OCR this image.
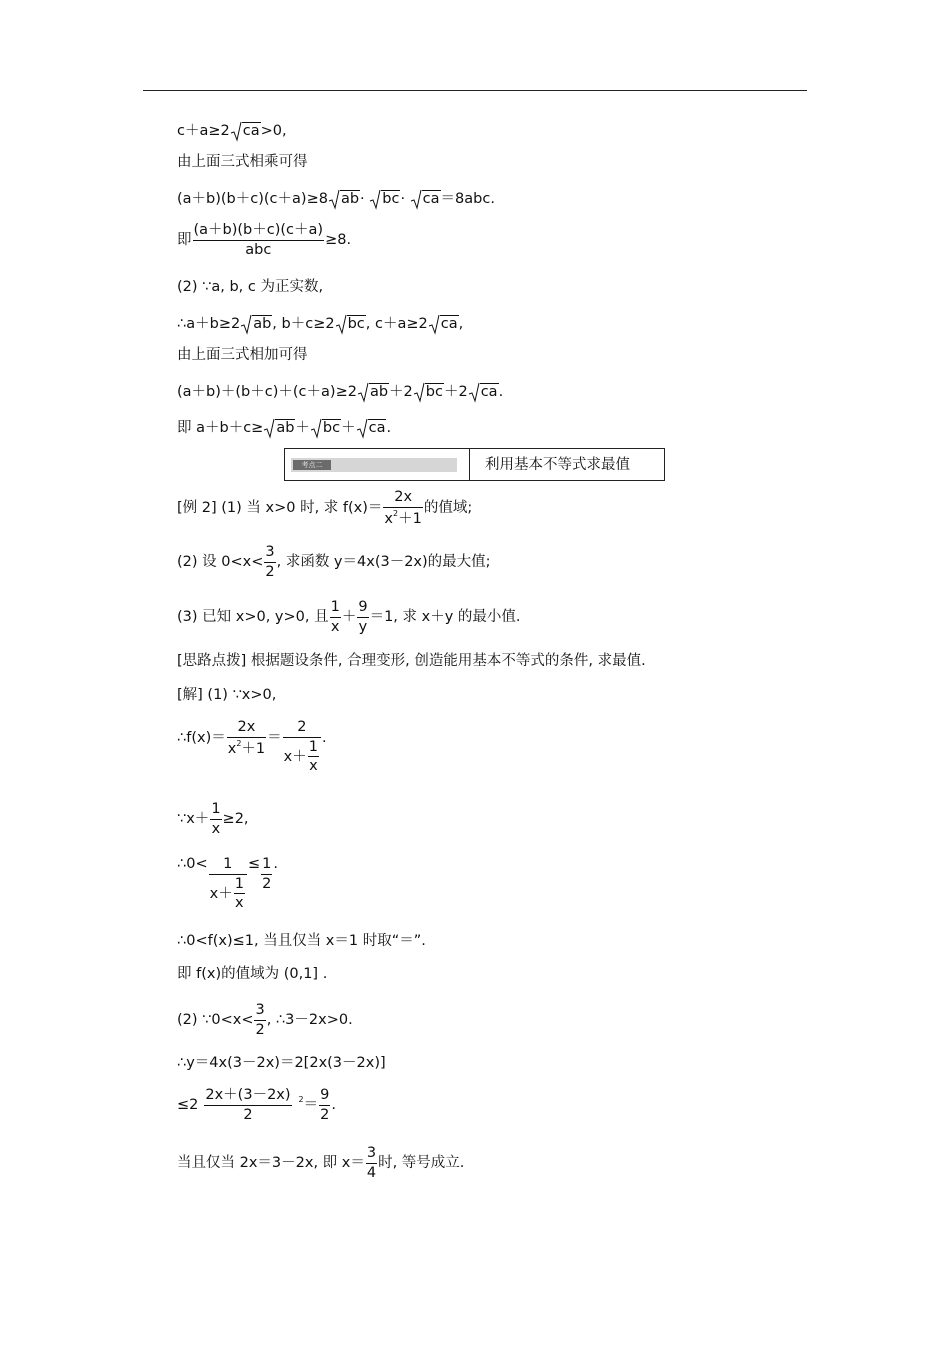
c＋a≥2 ca>0,
由上面三式相乘可得
(a＋b)(b＋c)(c＋a)≥8 ab·
bc·
ca＝8abc.
即
(a＋b)(b＋c)(c＋a)
abc
≥8.
(2) ∵a, b, c 为正实数,
∴a＋b≥2 ab, b＋c≥2 bc, c＋a≥2 ca,
由上面三式相加可得
(a＋b)＋(b＋c)＋(c＋a)≥2 ab＋2 bc＋2 ca.
即 a＋b＋c≥ ab＋ bc＋ ca.
考点二	利用基本不等式求最值
[例 2] (1) 当 x>0 时, 求 $f(x)= \frac{2x}{x^2+1}$ 的值域;
(2) 设 $0<x< \frac{3}{2}$ , 求函数 y＝4x(3－2x)的最大值;
(3) 已知 x>0, y>0, 且 $\frac{1}{x} + \frac{9}{y} =1$, 求 x＋y 的最小值.
[思路点拨] 根据题设条件, 合理变形, 创造能用基本不等式的条件, 求最值.
[解] (1) ∵x>0,
∴f(x)＝ $\frac{2x}{x^2+1} = \frac{2}{x+ \frac{1}{x}}$ .
∵x＋ $\frac{1}{x} \ge 2$,
∴0< $\frac{1}{x+ \frac{1}{x}} \le \frac{1}{2}$ .
∴0<f(x)≤1, 当且仅当 x＝1 时取“＝”.
即 f(x)的值域为 (0,1] .
(2) ∵0<x< $\frac{3}{2}$ , ∴3－2x>0.
∴y＝4x(3－2x)＝2[2x(3－2x)]
$\le 2 \frac{2x+(3-2x)}{2} ^2= \frac{9}{2}$ .
当且仅当 2x＝3－2x, 即 $x= \frac{3}{4}$ 时, 等号成立.
